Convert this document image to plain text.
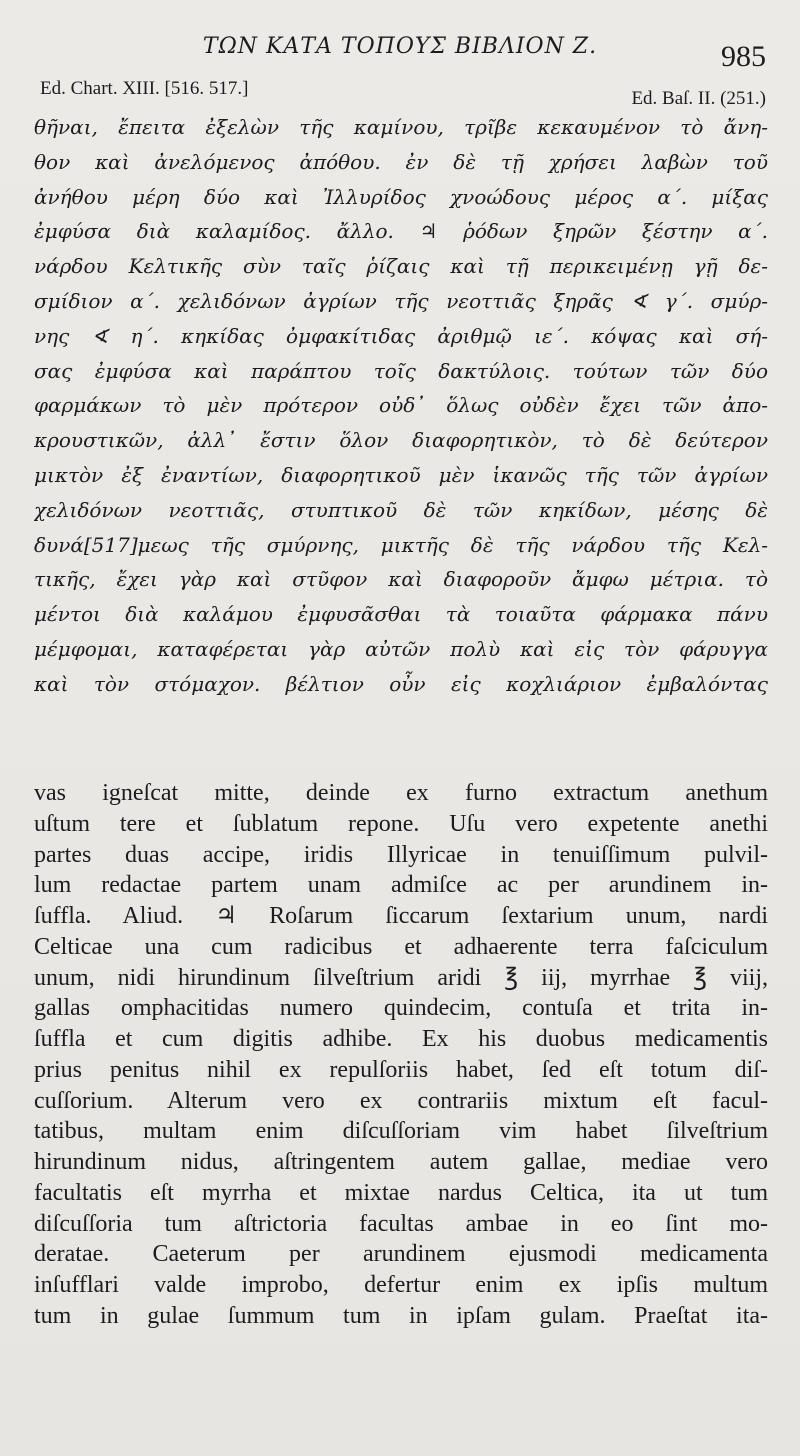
ΤΩΝ ΚΑΤΑ ΤΟΠΟΥΣ ΒΙΒΛΙΟΝ Ζ.	985
Ed. Chart. XIII. [516. 517.]	Ed. Baſ. II. (251.)
θῆναι, ἔπειτα ἐξελὼν τῆς καμίνου, τρῖβε κεκαυμένον τὸ ἄνη-
θον καὶ ἀνελόμενος ἀπόθου. ἐν δὲ τῇ χρήσει λαβὼν τοῦ
ἀνήθου μέρη δύο καὶ Ἰλλυρίδος χνοώδους μέρος α΄. μίξας
ἐμφύσα διὰ καλαμίδος. ἄλλο. ♃ ῥόδων ξηρῶν ξέστην α΄.
νάρδου Κελτικῆς σὺν ταῖς ῥίζαις καὶ τῇ περικειμένῃ γῇ δε-
σμίδιον α΄. χελιδόνων ἀγρίων τῆς νεοττιᾶς ξηρᾶς ∢ γ΄. σμύρ-
νης ∢ η΄. κηκίδας ὀμφακίτιδας ἀριθμῷ ιε΄. κόψας καὶ σή-
σας ἐμφύσα καὶ παράπτου τοῖς δακτύλοις. τούτων τῶν δύο
φαρμάκων τὸ μὲν πρότερον οὐδ᾽ ὅλως οὐδὲν ἔχει τῶν ἀπο-
κρουστικῶν, ἀλλ᾽ ἔστιν ὅλον διαφορητικὸν, τὸ δὲ δεύτερον
μικτὸν ἐξ ἐναντίων, διαφορητικοῦ μὲν ἱκανῶς τῆς τῶν ἀγρίων
χελιδόνων νεοττιᾶς, στυπτικοῦ δὲ τῶν κηκίδων, μέσης δὲ
δυνά[517]μεως τῆς σμύρνης, μικτῆς δὲ τῆς νάρδου τῆς Κελ-
τικῆς, ἔχει γὰρ καὶ στῦφον καὶ διαφοροῦν ἄμφω μέτρια. τὸ
μέντοι διὰ καλάμου ἐμφυσᾶσθαι τὰ τοιαῦτα φάρμακα πάνυ
μέμφομαι, καταφέρεται γὰρ αὐτῶν πολὺ καὶ εἰς τὸν φάρυγγα
καὶ τὸν στόμαχον. βέλτιον οὖν εἰς κοχλιάριον ἐμβαλόντας
vas igneſcat mitte, deinde ex furno extractum anethum
uſtum tere et ſublatum repone. Uſu vero expetente anethi
partes duas accipe, iridis Illyricae in tenuiſſimum pulvil-
lum redactae partem unam admiſce ac per arundinem in-
ſuffla. Aliud. ♃ Roſarum ſiccarum ſextarium unum, nardi
Celticae una cum radicibus et adhaerente terra faſciculum
unum, nidi hirundinum ſilveſtrium aridi ℥ iij, myrrhae ℥ viij,
gallas omphacitidas numero quindecim, contuſa et trita in-
ſuffla et cum digitis adhibe. Ex his duobus medicamentis
prius penitus nihil ex repulſoriis habet, ſed eſt totum diſ-
cuſſorium. Alterum vero ex contrariis mixtum eſt facul-
tatibus, multam enim diſcuſſoriam vim habet ſilveſtrium
hirundinum nidus, aſtringentem autem gallae, mediae vero
facultatis eſt myrrha et mixtae nardus Celtica, ita ut tum
diſcuſſoria tum aſtrictoria facultas ambae in eo ſint mo-
deratae. Caeterum per arundinem ejusmodi medicamenta
inſufflari valde improbo, defertur enim ex ipſis multum
tum in gulae ſummum tum in ipſam gulam. Praeſtat ita-
